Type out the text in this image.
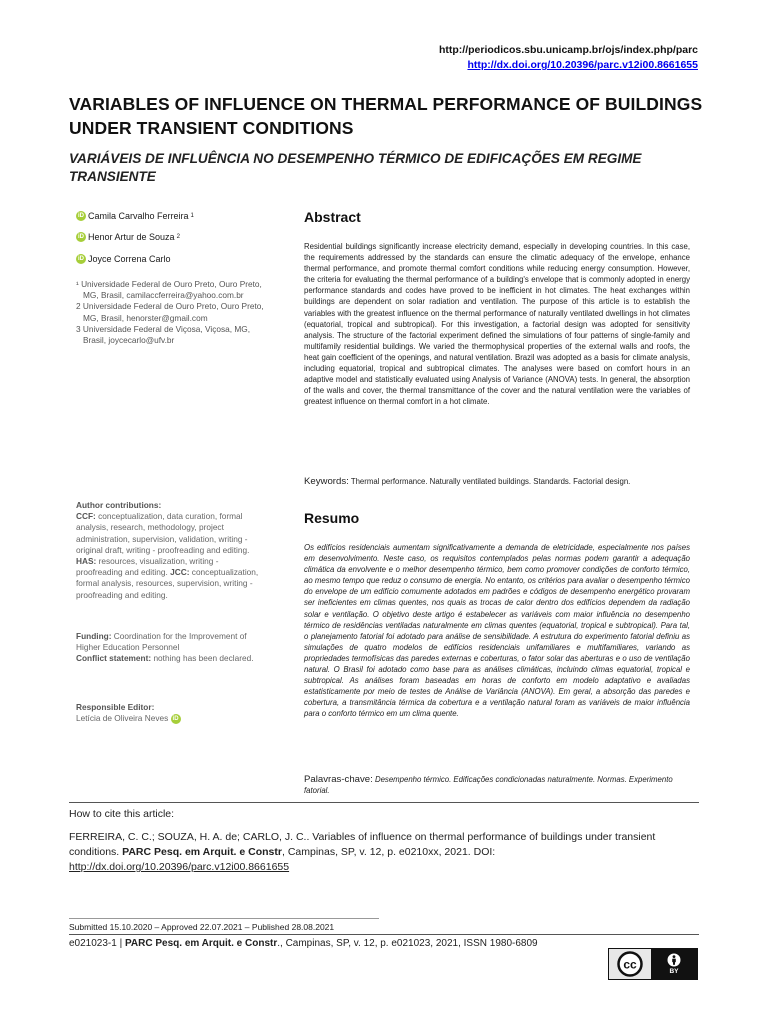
http://periodicos.sbu.unicamp.br/ojs/index.php/parc
http://dx.doi.org/10.20396/parc.v12i00.8661655
VARIABLES OF INFLUENCE ON THERMAL PERFORMANCE OF BUILDINGS UNDER TRANSIENT CONDITIONS
VARIÁVEIS DE INFLUÊNCIA NO DESEMPENHO TÉRMICO DE EDIFICAÇÕES EM REGIME TRANSIENTE
iD Camila Carvalho Ferreira 1
iD Henor Artur de Souza 2
iD Joyce Correna Carlo

¹ Universidade Federal de Ouro Preto, Ouro Preto, MG, Brasil, camilaccferreira@yahoo.com.br

2 Universidade Federal de Ouro Preto, Ouro Preto, MG, Brasil, henorster@gmail.com

3 Universidade Federal de Viçosa, Viçosa, MG, Brasil, joycecarlo@ufv.br

Author contributions:
CCF: conceptualization, data curation, formal analysis, research, methodology, project administration, supervision, validation, writing - original draft, writing - proofreading and editing. HAS: resources, visualization, writing - proofreading and editing. JCC: conceptualization, formal analysis, resources, supervision, writing - proofreading and editing.
Funding: Coordination for the Improvement of Higher Education Personnel
Conflict statement: nothing has been declared.
Responsible Editor:
Letícia de Oliveira Neves iD
Abstract

Residential buildings significantly increase electricity demand, especially in developing countries. In this case, the requirements addressed by the standards can ensure the climatic adequacy of the envelope, enhance thermal performance, and promote thermal comfort conditions while reducing energy consumption. However, the criteria for evaluating the thermal performance of a building's envelope that is commonly adopted in energy performance standards and codes have proved to be inefficient in hot climates. The heat exchanges within buildings are dependent on solar radiation and ventilation. The purpose of this article is to establish the variables with the greatest influence on the thermal performance of naturally ventilated dwellings in hot climates (equatorial, tropical and subtropical). For this investigation, a factorial design was adopted for sensitivity analysis. The structure of the factorial experiment defined the simulations of four patterns of single-family and multifamily residential buildings. We varied the thermophysical properties of the external walls and roofs, the heat gain coefficient of the openings, and natural ventilation. Brazil was adopted as a basis for climate analysis, including equatorial, tropical and subtropical climates. The analyses were based on comfort hours in an adaptive model and statistically evaluated using Analysis of Variance (ANOVA) tests. In general, the absorption of the walls and cover, the thermal transmittance of the cover and the natural ventilation were the variables of greatest influence on thermal comfort in a hot climate.

Keywords: Thermal performance. Naturally ventilated buildings. Standards. Factorial design.

Resumo

Os edifícios residenciais aumentam significativamente a demanda de eletricidade, especialmente nos países em desenvolvimento. Neste caso, os requisitos contemplados pelas normas podem garantir a adequação climática da envolvente e o melhor desempenho térmico, bem como promover condições de conforto térmico, ao mesmo tempo que reduz o consumo de energia. No entanto, os critérios para avaliar o desempenho térmico do envelope de um edifício comumente adotados em padrões e códigos de desempenho energético provaram ser ineficientes em climas quentes, nos quais as trocas de calor dentro dos edifícios dependem da radiação solar e ventilação. O objetivo deste artigo é estabelecer as variáveis com maior influência no desempenho térmico de residências ventiladas naturalmente em climas quentes (equatorial, tropical e subtropical). Para tal, o planejamento fatorial foi adotado para análise de sensibilidade. A estrutura do experimento fatorial definiu as simulações de quatro modelos de edifícios residenciais unifamiliares e multifamiliares, variando as propriedades termofísicas das paredes externas e coberturas, o fator solar das aberturas e o uso de ventilação natural. O Brasil foi adotado como base para as análises climáticas, incluindo climas equatorial, tropical e subtropical. As análises foram baseadas em horas de conforto em modelo adaptativo e avaliadas estatisticamente por meio de testes de Análise de Variância (ANOVA). Em geral, a absorção das paredes e cobertura, a transmitância térmica da cobertura e a ventilação natural foram as variáveis de maior influência para o conforto térmico em um clima quente.

Palavras-chave: Desempenho térmico. Edificações condicionadas naturalmente. Normas. Experimento fatorial.

How to cite this article:

FERREIRA, C. C.; SOUZA, H. A. de; CARLO, J. C.. Variables of influence on thermal performance of buildings under transient conditions. PARC Pesq. em Arquit. e Constr, Campinas, SP, v. 12, p. e0210xx, 2021. DOI:
http://dx.doi.org/10.20396/parc.v12i00.8661655

Submitted 15.10.2020 – Approved 22.07.2021 – Published 28.08.2021
e021023-1 | PARC Pesq. em Arquit. e Constr., Campinas, SP, v. 12, p. e021023, 2021, ISSN 1980-6809
cc	BY
